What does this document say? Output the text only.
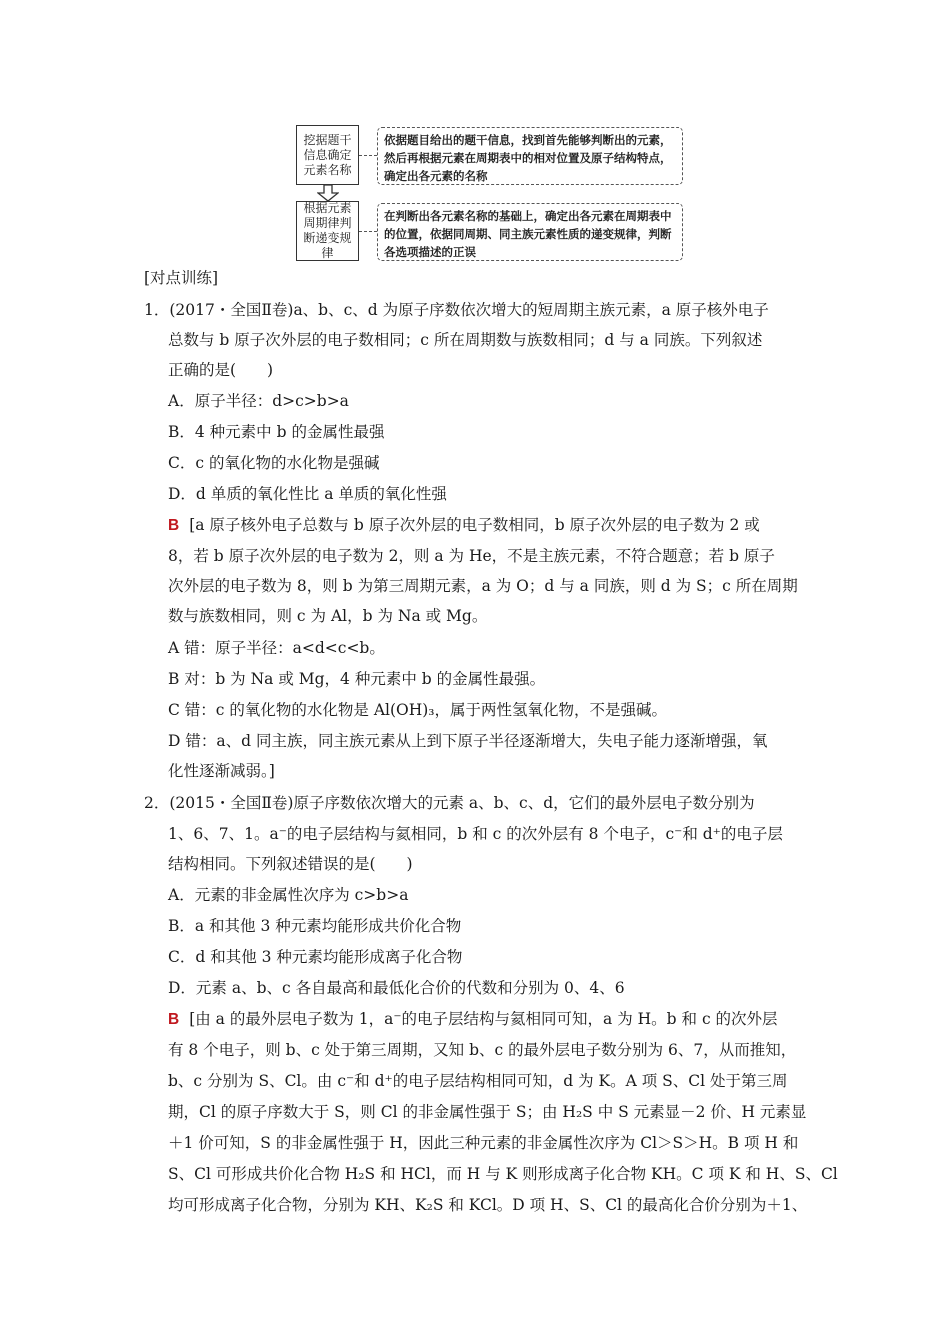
挖据题干信息确定元素名称
依据题目给出的题干信息，找到首先能够判断出的元素，然后再根据元素在周期表中的相对位置及原子结构特点，确定出各元素的名称
根据元素周期律判断递变规律
在判断出各元素名称的基础上，确定出各元素在周期表中的位置，依据同周期、同主族元素性质的递变规律，判断各选项描述的正误
[对点训练]
1．(2017・全国Ⅱ卷)a、b、c、d 为原子序数依次增大的短周期主族元素，a 原子核外电子
总数与 b 原子次外层的电子数相同；c 所在周期数与族数相同；d 与 a 同族。下列叙述
正确的是(　　)
A．原子半径：d>c>b>a
B．4 种元素中 b 的金属性最强
C．c 的氧化物的水化物是强碱
D．d 单质的氧化性比 a 单质的氧化性强
B [a 原子核外电子总数与 b 原子次外层的电子数相同，b 原子次外层的电子数为 2 或
8，若 b 原子次外层的电子数为 2，则 a 为 He，不是主族元素，不符合题意；若 b 原子
次外层的电子数为 8，则 b 为第三周期元素，a 为 O；d 与 a 同族，则 d 为 S；c 所在周期
数与族数相同，则 c 为 Al，b 为 Na 或 Mg。
A 错：原子半径：a<d<c<b。
B 对：b 为 Na 或 Mg，4 种元素中 b 的金属性最强。
C 错：c 的氧化物的水化物是 Al(OH)₃，属于两性氢氧化物，不是强碱。
D 错：a、d 同主族，同主族元素从上到下原子半径逐渐增大，失电子能力逐渐增强，氧
化性逐渐减弱。]
2．(2015・全国Ⅱ卷)原子序数依次增大的元素 a、b、c、d，它们的最外层电子数分别为
1、6、7、1。a⁻的电子层结构与氦相同，b 和 c 的次外层有 8 个电子，c⁻和 d⁺的电子层
结构相同。下列叙述错误的是(　　)
A．元素的非金属性次序为 c>b>a
B．a 和其他 3 种元素均能形成共价化合物
C．d 和其他 3 种元素均能形成离子化合物
D．元素 a、b、c 各自最高和最低化合价的代数和分别为 0、4、6
B [由 a 的最外层电子数为 1，a⁻的电子层结构与氦相同可知，a 为 H。b 和 c 的次外层
有 8 个电子，则 b、c 处于第三周期，又知 b、c 的最外层电子数分别为 6、7，从而推知，
b、c 分别为 S、Cl。由 c⁻和 d⁺的电子层结构相同可知，d 为 K。A 项 S、Cl 处于第三周
期，Cl 的原子序数大于 S，则 Cl 的非金属性强于 S；由 H₂S 中 S 元素显－2 价、H 元素显
＋1 价可知，S 的非金属性强于 H，因此三种元素的非金属性次序为 Cl＞S＞H。B 项 H 和
S、Cl 可形成共价化合物 H₂S 和 HCl，而 H 与 K 则形成离子化合物 KH。C 项 K 和 H、S、Cl
均可形成离子化合物，分别为 KH、K₂S 和 KCl。D 项 H、S、Cl 的最高化合价分别为＋1、
